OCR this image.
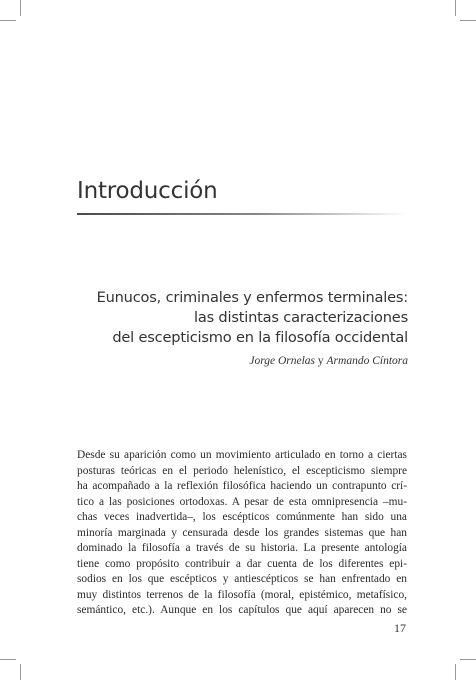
Introducción
Eunucos, criminales y enfermos terminales:
las distintas caracterizaciones
del escepticismo en la filosofía occidental

Jorge Ornelas y Armando Cíntora

Desde su aparición como un movimiento articulado en torno a ciertas
posturas teóricas en el periodo helenístico, el escepticismo siempre
ha acompañado a la reflexión filosófica haciendo un contrapunto crí-
tico a las posiciones ortodoxas. A pesar de esta omnipresencia –mu-
chas veces inadvertida–, los escépticos comúnmente han sido una
minoría marginada y censurada desde los grandes sistemas que han
dominado la filosofía a través de su historia. La presente antología
tiene como propósito contribuir a dar cuenta de los diferentes epi-
sodios en los que escépticos y antiescépticos se han enfrentado en
muy distintos terrenos de la filosofía (moral, epistémico, metafísico,
semántico, etc.). Aunque en los capítulos que aquí aparecen no se

17
